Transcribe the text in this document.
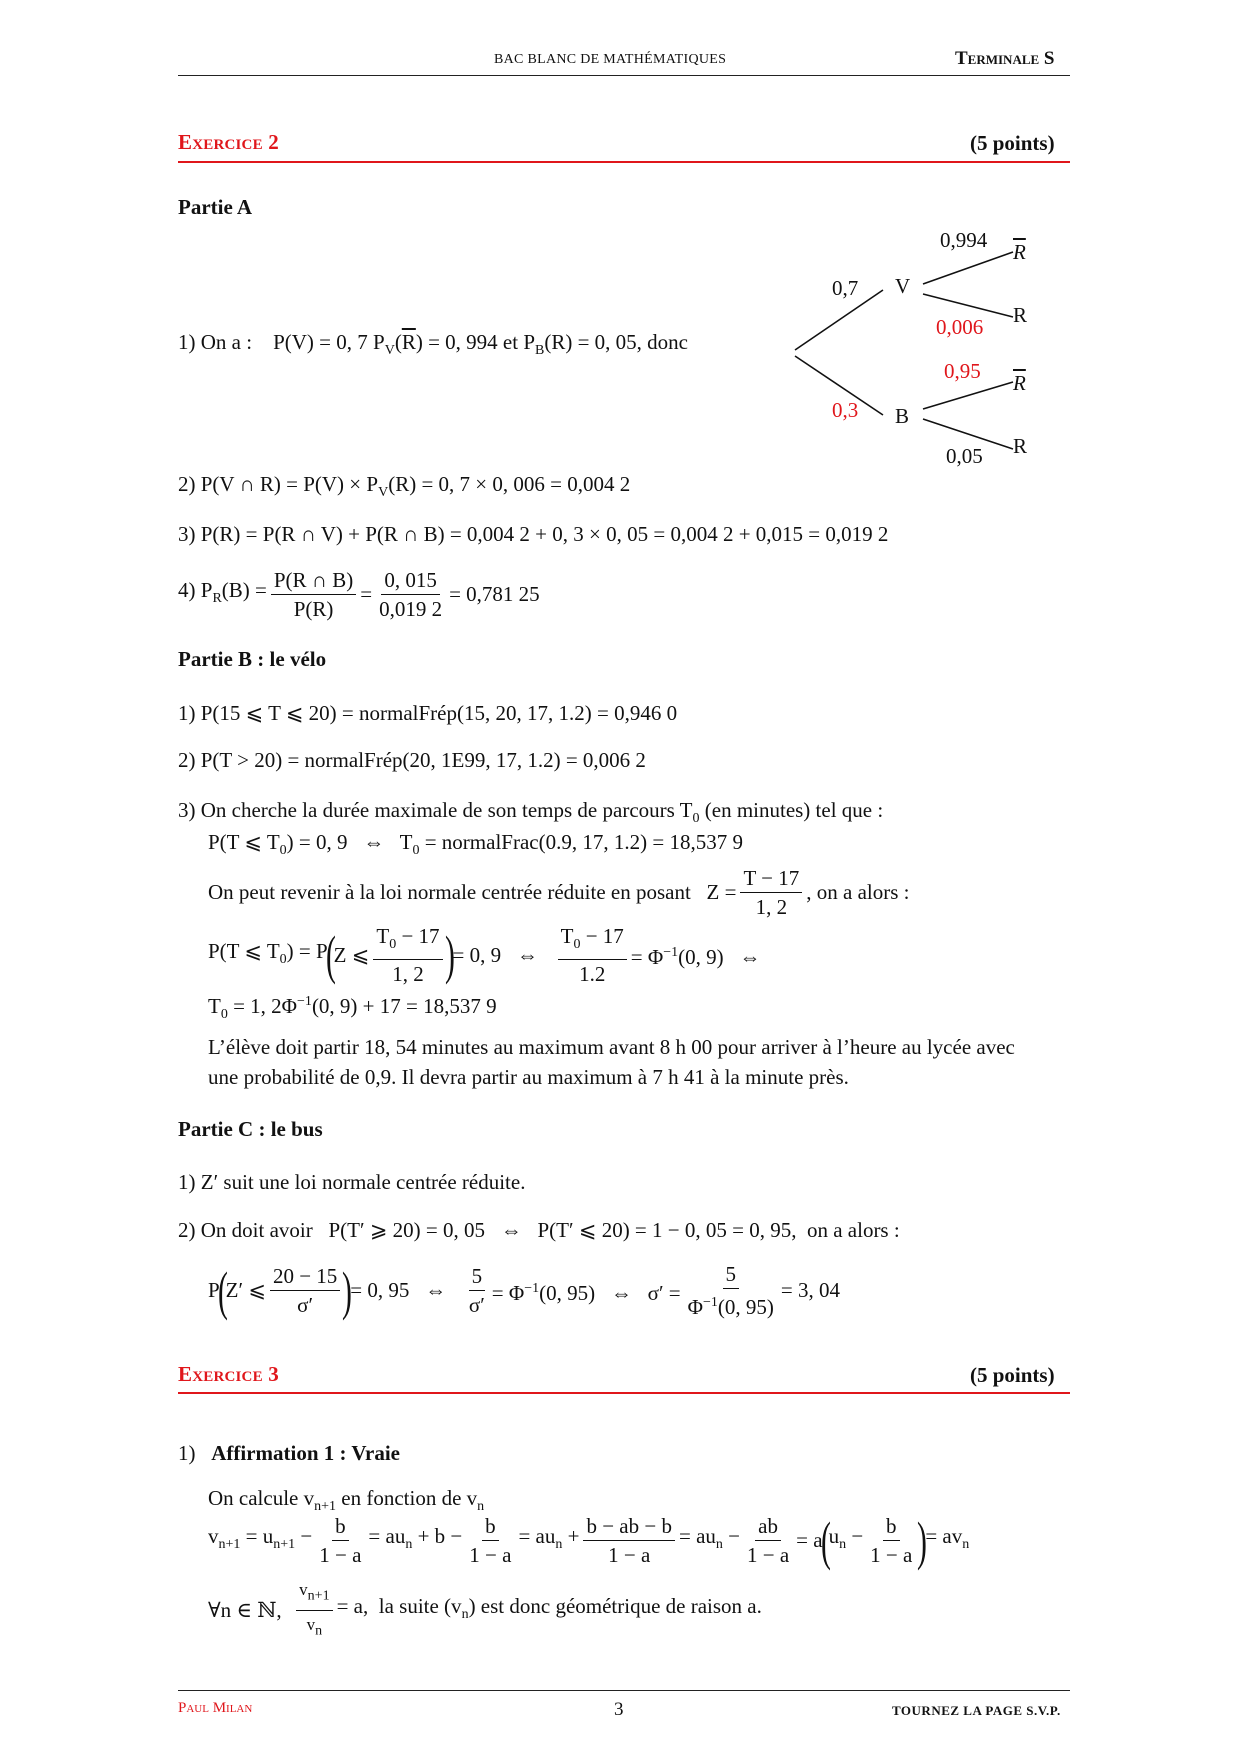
BAC BLANC DE MATHÉMATIQUES	Terminale S
Exercice 2	(5 points)
Partie A
0,7 V
0,3 B
0,994
0,006
0,95
0,05
$\overline{R}$
R
$\overline{R}$
R
1) On a : P(V) = 0, 7 $P_V(\overline{R}) = 0$, 994 et $P_B(R) = 0$, 05, donc
2) P(V ∩ $R) = P(V) \times P_V(R) = 0$, 7 × 0, 006 = 0,004 2
3) P(R) = P(R ∩ V) + P(R ∩ B) = 0,004 2 + 0, 3 × 0, 05 = 0,004 2 + 0,015 = 0,019 2
4) $P_R(B) = \frac{P(R \cap B)}{P(R)} = \frac{0, 015}{0,019 2} = 0,781$ 25
Partie B : le vélo
1) P(15 ⩽ T ⩽ 20) = normalFrép(15, 20, 17, 1.2) = 0,946 0
2) P(T > 20) = normalFrép(20, 1E99, 17, 1.2) = 0,006 2
3) On cherche la durée maximale de son temps de parcours $T_0$ (en minutes) tel que :
P(T ⩽ $T_0) = 0$, 9   ⇔   $T_0$ = normalFrac(0.9, 17, 1.2) = 18,537 9
On peut revenir à la loi normale centrée réduite en posant
$Z = \frac{T - 17}{1, 2}$ , on a alors :
P(T ⩽ $T_0) = P$
(
Z ⩽ $\frac{T_0 - 17}{1, 2}$ )
= 0, 9   ⇔
$\frac{T_0 - 17}{1.2} = \Phi^{-1}(0$, 9)   ⇔
$T_0 = 1$, $2\Phi^{-1}(0$, 9) + 17 = 18,537 9
L’élève doit partir 18, 54 minutes au maximum avant 8 h 00 pour arriver à l’heure au lycée avec
une probabilité de 0,9. Il devra partir au maximum à 7 h 41 à la minute près.
Partie C : le bus
1) Z′ suit une loi normale centrée réduite.
2) On doit avoir   P(T′ ⩾ 20) = 0, 05   ⇔   P(T′ ⩽ 20) = 1 − 0, 05 = 0, 95,  on a alors :
P
(
Z′ ⩽ $\frac{20 - 15}{\sigma'}$ )
= 0, 95   ⇔
$\frac{5}{\sigma'} = \Phi^{-1}(0$, 95)   ⇔   $\sigma' = \frac{5}{\Phi^{-1}(0, 95)} = 3$, 04
Exercice 3	(5 points)
1) Affirmation 1 : Vraie
On calcule $v_{n+1}$ en fonction de $v_n$
$v_{n+1} = u_{n+1} - \frac{b}{1 - a} = au_n + b - \frac{b}{1 - a} = au_n + \frac{b - ab - b}{1 - a} = au_n - \frac{ab}{1 - a} = a$
(
$u_n - \frac{b}{1 - a}$ )
= $av_n$
∀n ∈ ℕ,
$\frac{v_{n+1}}{v_n} = a$,  la suite $(v_n)$ est donc géométrique de raison a.
Paul Milan	3	TOURNEZ LA PAGE S.V.P.
